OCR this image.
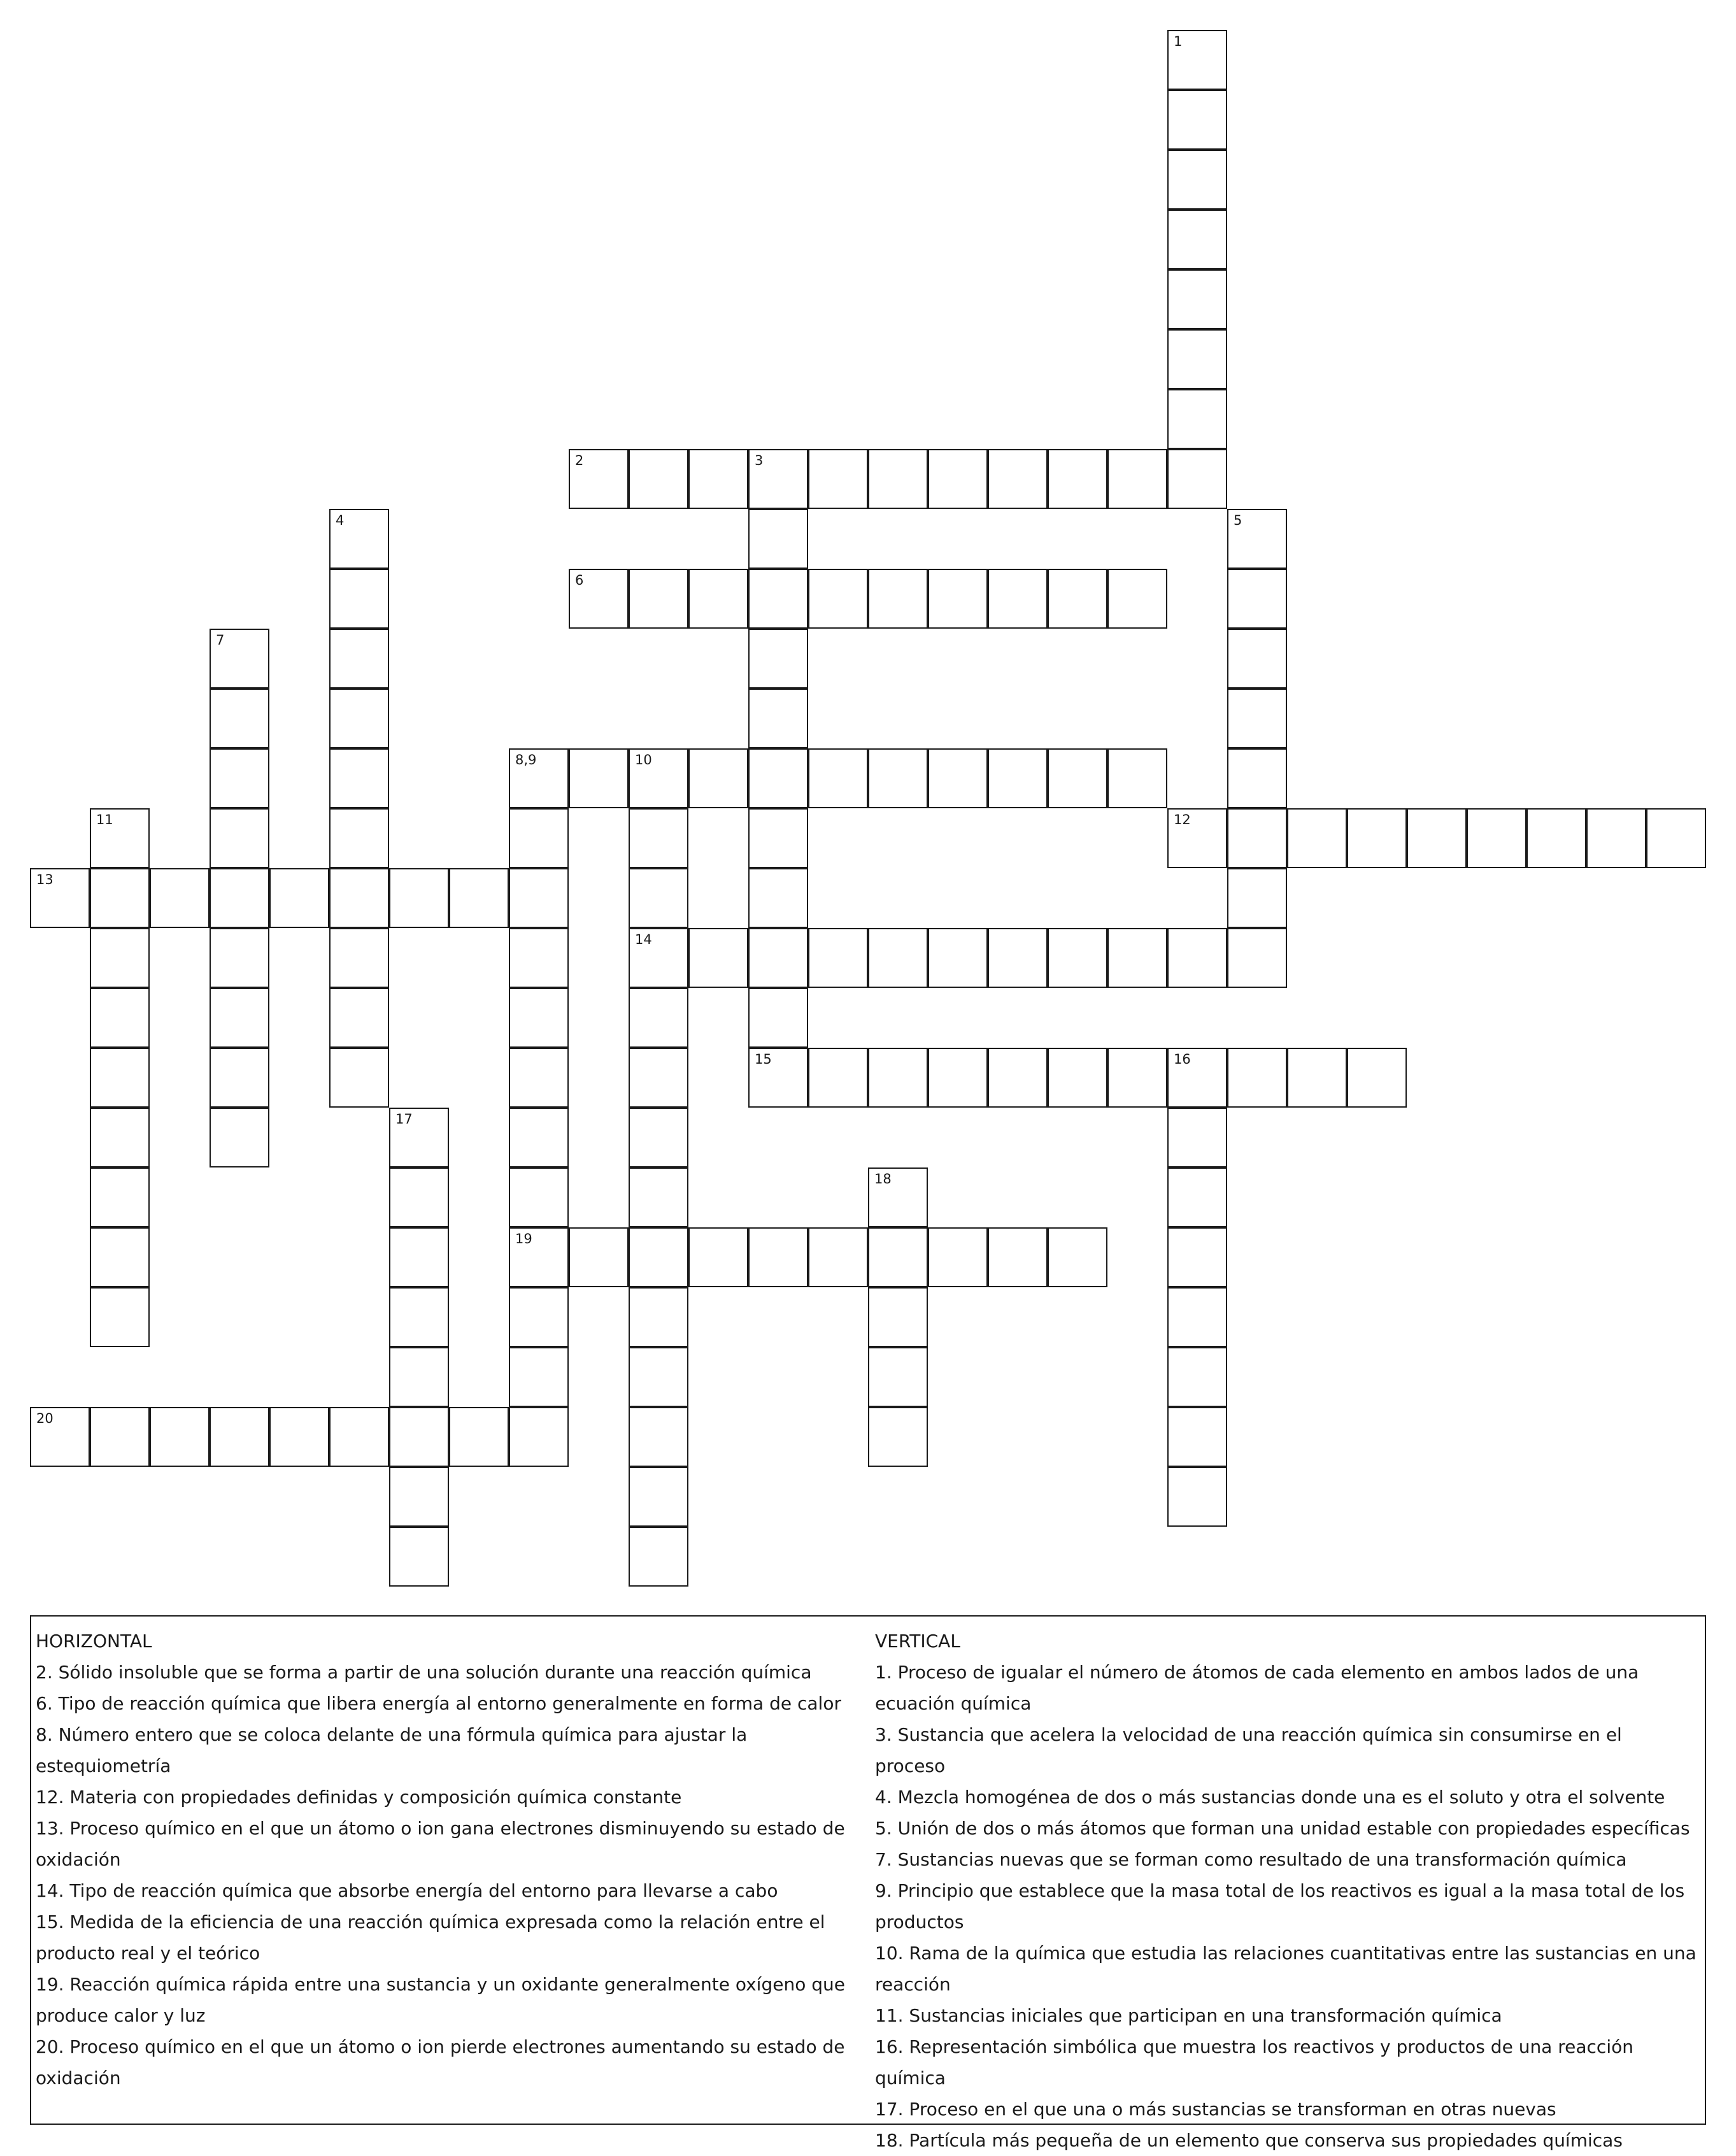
1
2	3
4	5
6
7
8,9	10
19
14
11	12
13
15	16
17
18
20

HORIZONTAL

2. Sólido insoluble que se forma a partir de una solución durante una reacción química

6. Tipo de reacción química que libera energía al entorno generalmente en forma de calor

8. Número entero que se coloca delante de una fórmula química para ajustar la estequiometría

12. Materia con propiedades definidas y composición química constante

13. Proceso químico en el que un átomo o ion gana electrones disminuyendo su estado de oxidación

14. Tipo de reacción química que absorbe energía del entorno para llevarse a cabo

15. Medida de la eficiencia de una reacción química expresada como la relación entre el producto real y el teórico

19. Reacción química rápida entre una sustancia y un oxidante generalmente oxígeno que produce calor y luz

20. Proceso químico en el que un átomo o ion pierde electrones aumentando su estado de oxidación

VERTICAL

1. Proceso de igualar el número de átomos de cada elemento en ambos lados de una ecuación química

3. Sustancia que acelera la velocidad de una reacción química sin consumirse en el proceso

4. Mezcla homogénea de dos o más sustancias donde una es el soluto y otra el solvente

5. Unión de dos o más átomos que forman una unidad estable con propiedades específicas

7. Sustancias nuevas que se forman como resultado de una transformación química

9. Principio que establece que la masa total de los reactivos es igual a la masa total de los productos

10. Rama de la química que estudia las relaciones cuantitativas entre las sustancias en una reacción

11. Sustancias iniciales que participan en una transformación química

16. Representación simbólica que muestra los reactivos y productos de una reacción química

17. Proceso en el que una o más sustancias se transforman en otras nuevas

18. Partícula más pequeña de un elemento que conserva sus propiedades químicas
